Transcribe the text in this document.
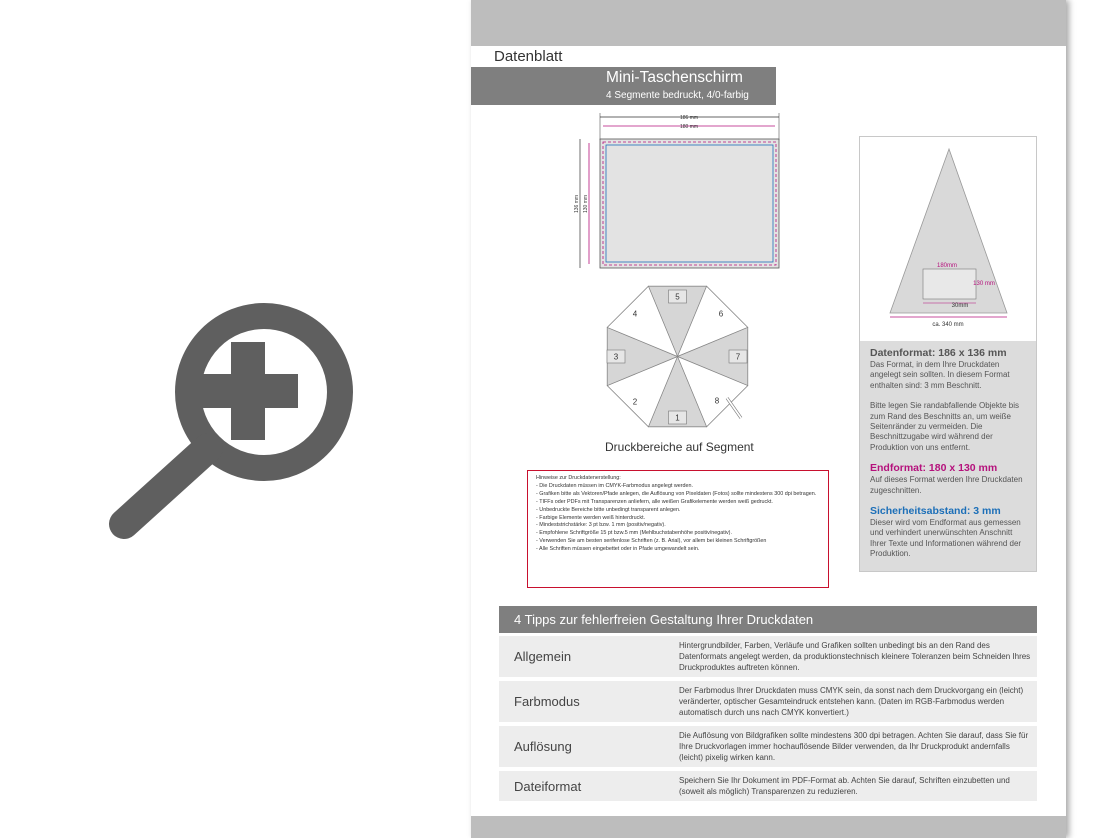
Datenblatt
Mini-Taschenschirm
4 Segmente bedruckt, 4/0-farbig
186 mm
180 mm
136 mm 130 mm
1
2
3
4
5
6
7
8
Druckbereiche auf Segment
Hinweise zur Druckdatenerstellung:
- Die Druckdaten müssen im CMYK-Farbmodus angelegt werden.
- Grafiken bitte als Vektoren/Pfade anlegen, die Auflösung von Pixeldaten (Fotos) sollte mindestens 300 dpi betragen.
- TIFFs oder PDFs mit Transparenzen anliefern, alle weißen Grafikelemente werden weiß gedruckt.
- Unbedruckte Bereiche bitte unbedingt transparent anlegen.
- Farbige Elemente werden weiß hinterdruckt.
- Mindeststrichstärke: 3 pt bzw. 1 mm (positiv/negativ).
- Empfohlene Schriftgröße 15 pt bzw.5 mm (Mehlbuchstabenhöhe positiv/negativ).
- Verwenden Sie am besten serifenlose Schriften (z. B. Arial), vor allem bei kleinen Schriftgrößen
- Alle Schriften müssen eingebettet oder in Pfade umgewandelt sein.
180mm
130 mm
30mm
ca. 340 mm
Datenformat: 186 x 136 mm

Das Format, in dem Ihre Druckdaten angelegt sein sollten. In diesem Format enthalten sind: 3 mm Beschnitt.

Bitte legen Sie randabfallende Objekte bis zum Rand des Beschnitts an, um weiße Seitenränder zu vermeiden. Die Beschnittzugabe wird während der Produktion von uns entfernt.

Endformat: 180 x 130 mm

Auf dieses Format werden Ihre Druckdaten zugeschnitten.

Sicherheitsabstand: 3 mm

Dieser wird vom Endformat aus gemessen und verhindert unerwünschten Anschnitt Ihrer Texte und Informationen während der Produktion.

4 Tipps zur fehlerfreien Gestaltung Ihrer Druckdaten
Allgemein
Hintergrundbilder, Farben, Verläufe und Grafiken sollten unbedingt bis an den Rand des Datenformats angelegt werden, da produktionstechnisch kleinere Toleranzen beim Schneiden Ihres Druckproduktes auftreten können.
Farbmodus
Der Farbmodus Ihrer Druckdaten muss CMYK sein, da sonst nach dem Druckvorgang ein (leicht) veränderter, optischer Gesamteindruck entstehen kann. (Daten im RGB-Farbmodus werden automatisch durch uns nach CMYK konvertiert.)
Auflösung
Die Auflösung von Bildgrafiken sollte mindestens 300 dpi betragen. Achten Sie darauf, dass Sie für Ihre Druckvorlagen immer hochauflösende Bilder verwenden, da Ihr Druckprodukt andernfalls (leicht) pixelig wirken kann.
Dateiformat	Speichern Sie Ihr Dokument im PDF-Format ab. Achten Sie darauf, Schriften einzubetten und (soweit als möglich) Transparenzen zu reduzieren.
